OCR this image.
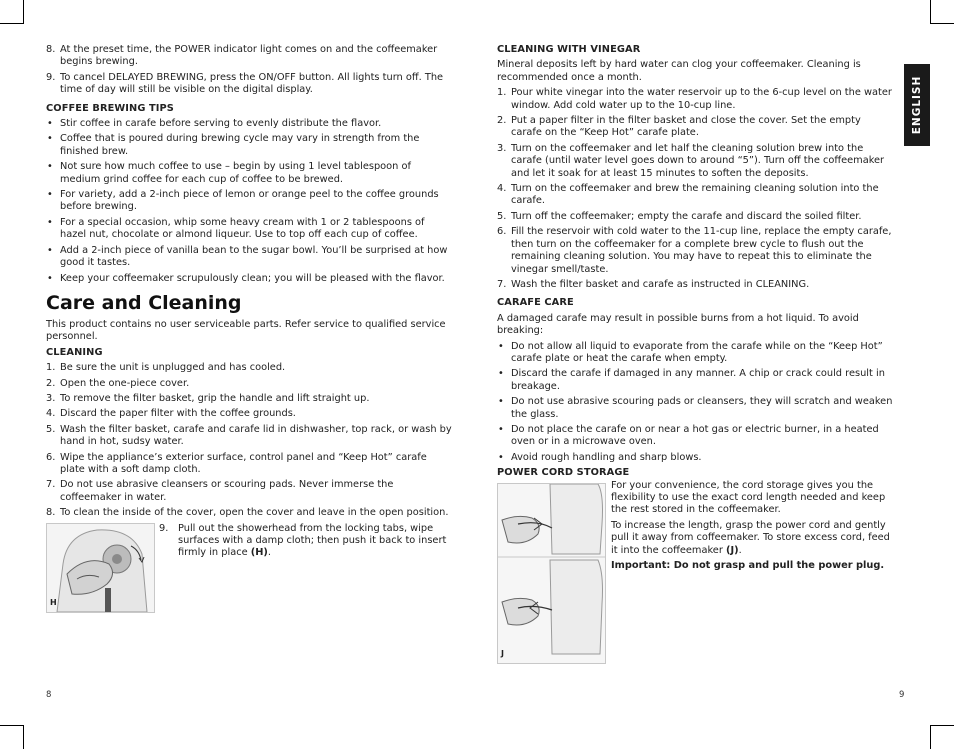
ENGLISH
8. At the preset time, the POWER indicator light comes on and the coffeemaker begins brewing.
9. To cancel DELAYED BREWING, press the ON/OFF button. All lights turn off. The time of day will still be visible on the digital display.
COFFEE BREWING TIPS
• Stir coffee in carafe before serving to evenly distribute the flavor.
• Coffee that is poured during brewing cycle may vary in strength from the finished brew.
• Not sure how much coffee to use – begin by using 1 level tablespoon of medium grind coffee for each cup of coffee to be brewed.
• For variety, add a 2-inch piece of lemon or orange peel to the coffee grounds before brewing.
• For a special occasion, whip some heavy cream with 1 or 2 tablespoons of hazel nut, chocolate or almond liqueur. Use to top off each cup of coffee.
• Add a 2-inch piece of vanilla bean to the sugar bowl. You’ll be surprised at how good it tastes.
• Keep your coffeemaker scrupulously clean; you will be pleased with the flavor.
Care and Cleaning

This product contains no user serviceable parts. Refer service to qualified service personnel.

CLEANING
1. Be sure the unit is unplugged and has cooled.
2. Open the one-piece cover.
3. To remove the filter basket, grip the handle and lift straight up.
4. Discard the paper filter with the coffee grounds.
5. Wash the filter basket, carafe and carafe lid in dishwasher, top rack, or wash by hand in hot, sudsy water.
6. Wipe the appliance’s exterior surface, control panel and “Keep Hot” carafe plate with a soft damp cloth.
7. Do not use abrasive cleansers or scouring pads. Never immerse the coffeemaker in water.
8. To clean the inside of the cover, open the cover and leave in the open position.
H
9. Pull out the showerhead from the locking tabs, wipe surfaces with a damp cloth; then push it back to insert firmly in place (H).
CLEANING WITH VINEGAR

Mineral deposits left by hard water can clog your coffeemaker. Cleaning is recommended once a month.

1. Pour white vinegar into the water reservoir up to the 6-cup level on the water window. Add cold water up to the 10-cup line.
2. Put a paper filter in the filter basket and close the cover. Set the empty carafe on the “Keep Hot” carafe plate.
3. Turn on the coffeemaker and let half the cleaning solution brew into the carafe (until water level goes down to around “5”). Turn off the coffeemaker and let it soak for at least 15 minutes to soften the deposits.
4. Turn on the coffeemaker and brew the remaining cleaning solution into the carafe.
5. Turn off the coffeemaker; empty the carafe and discard the soiled filter.
6. Fill the reservoir with cold water to the 11-cup line, replace the empty carafe, then turn on the coffeemaker for a complete brew cycle to flush out the remaining cleaning solution. You may have to repeat this to eliminate the vinegar smell/taste.
7. Wash the filter basket and carafe as instructed in CLEANING.
CARAFE CARE

A damaged carafe may result in possible burns from a hot liquid. To avoid breaking:

• Do not allow all liquid to evaporate from the carafe while on the “Keep Hot” carafe plate or heat the carafe when empty.
• Discard the carafe if damaged in any manner. A chip or crack could result in breakage.
• Do not use abrasive scouring pads or cleansers, they will scratch and weaken the glass.
• Do not place the carafe on or near a hot gas or electric burner, in a heated oven or in a microwave oven.
• Avoid rough handling and sharp blows.
POWER CORD STORAGE
J

For your convenience, the cord storage gives you the flexibility to use the exact cord length needed and keep the rest stored in the coffeemaker.

To increase the length, grasp the power cord and gently pull it away from coffeemaker. To store excess cord, feed it into the coffeemaker (J).

Important: Do not grasp and pull the power plug.

8	9
